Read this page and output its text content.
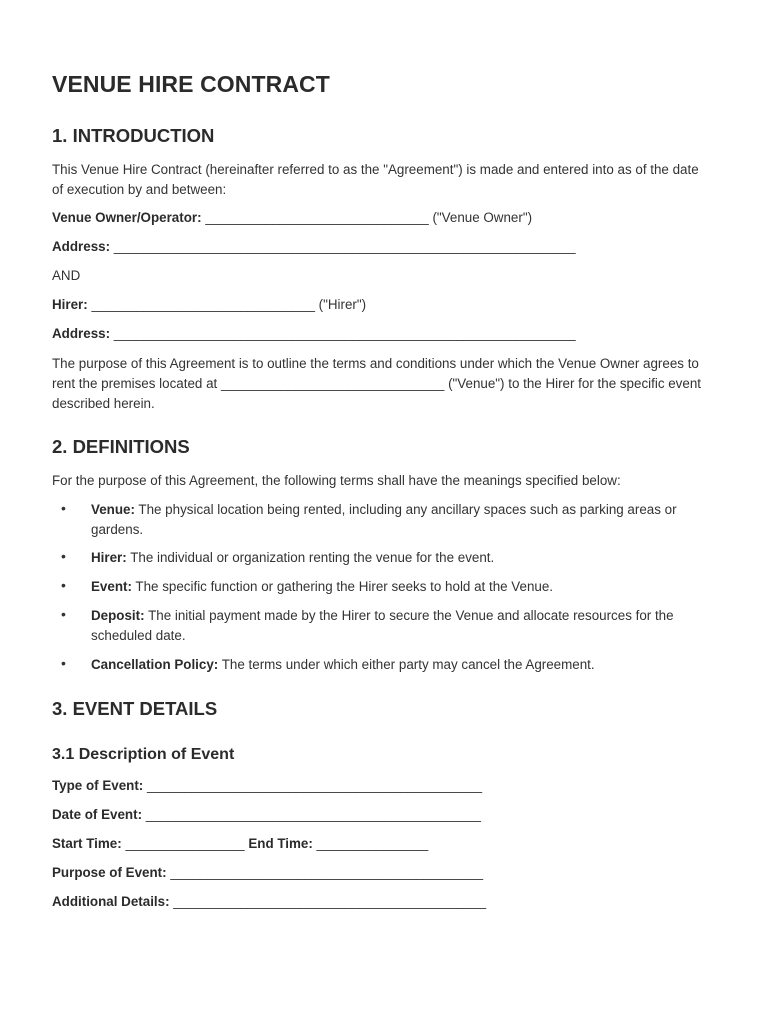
VENUE HIRE CONTRACT
1. INTRODUCTION
This Venue Hire Contract (hereinafter referred to as the "Agreement") is made and entered into as of the date of execution by and between:
Venue Owner/Operator: ______________________________ ("Venue Owner")
Address: ______________________________________________________________
AND
Hirer: ______________________________ ("Hirer")
Address: ______________________________________________________________
The purpose of this Agreement is to outline the terms and conditions under which the Venue Owner agrees to rent the premises located at ______________________________ ("Venue") to the Hirer for the specific event described herein.
2. DEFINITIONS
For the purpose of this Agreement, the following terms shall have the meanings specified below:
• Venue: The physical location being rented, including any ancillary spaces such as parking areas or gardens.
• Hirer: The individual or organization renting the venue for the event.
• Event: The specific function or gathering the Hirer seeks to hold at the Venue.
• Deposit: The initial payment made by the Hirer to secure the Venue and allocate resources for the scheduled date.
• Cancellation Policy: The terms under which either party may cancel the Agreement.
3. EVENT DETAILS
3.1 Description of Event
Type of Event: _____________________________________________
Date of Event: _____________________________________________
Start Time: ________________ End Time: _______________
Purpose of Event: __________________________________________
Additional Details: __________________________________________
